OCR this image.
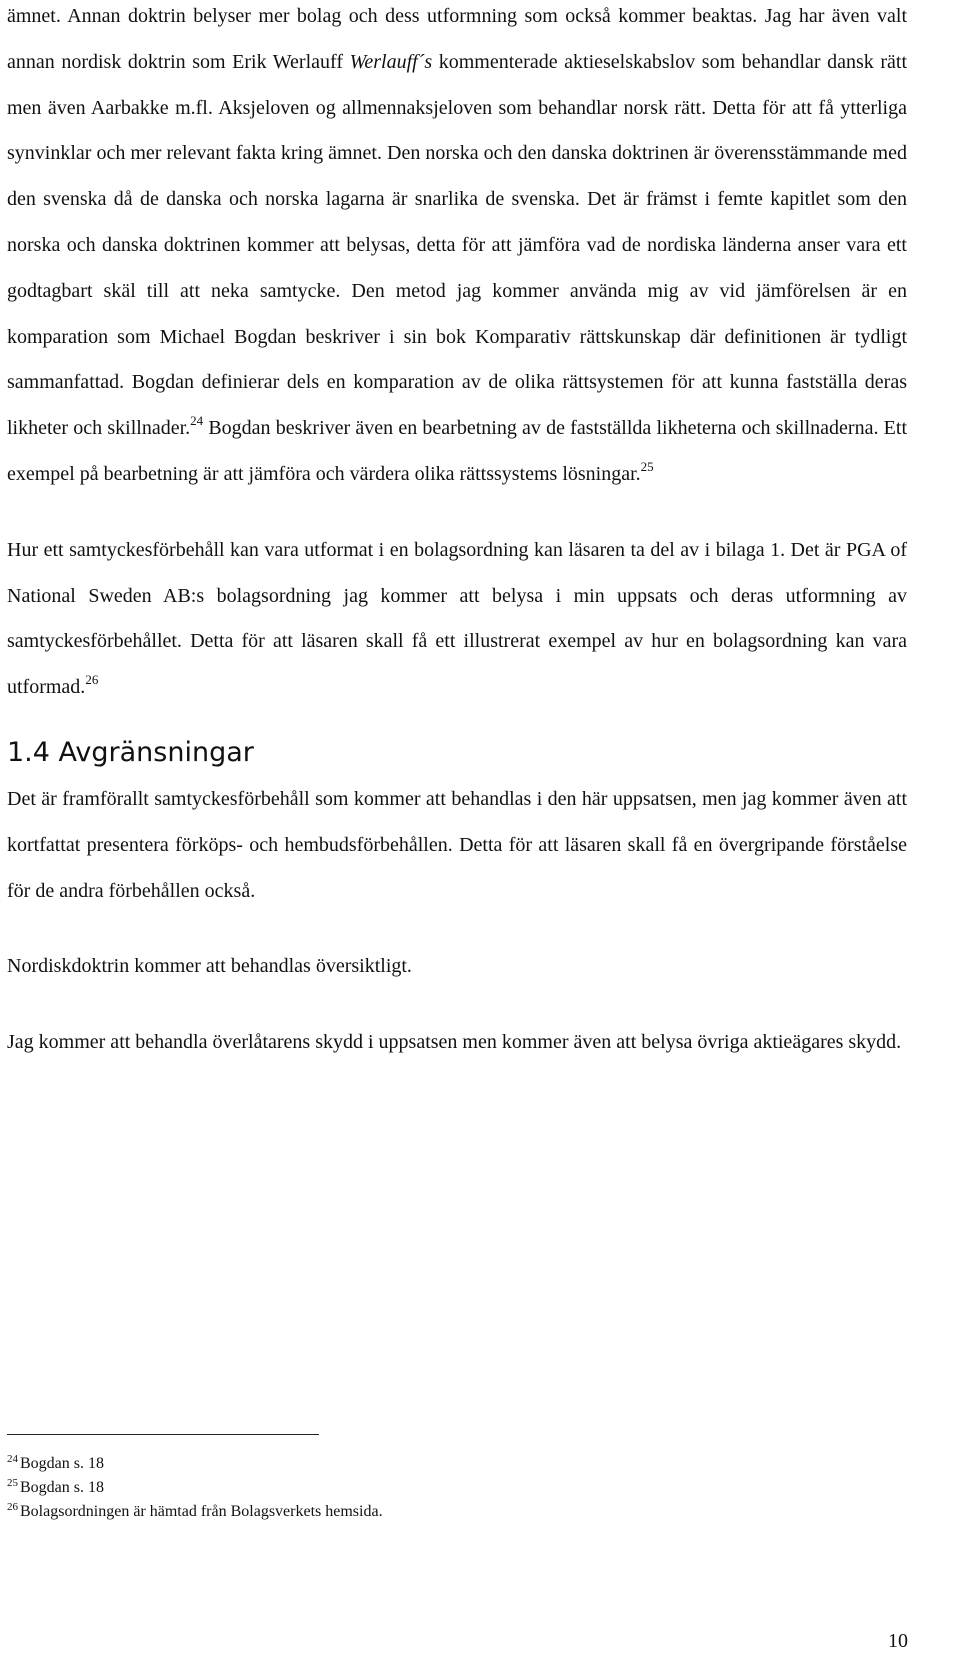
ämnet. Annan doktrin belyser mer bolag och dess utformning som också kommer beaktas. Jag har även valt annan nordisk doktrin som Erik Werlauff Werlauff´s kommenterade aktieselskabslov som behandlar dansk rätt men även Aarbakke m.fl. Aksjeloven og allmennaksjeloven som behandlar norsk rätt. Detta för att få ytterliga synvinklar och mer relevant fakta kring ämnet. Den norska och den danska doktrinen är överensstämmande med den svenska då de danska och norska lagarna är snarlika de svenska. Det är främst i femte kapitlet som den norska och danska doktrinen kommer att belysas, detta för att jämföra vad de nordiska länderna anser vara ett godtagbart skäl till att neka samtycke. Den metod jag kommer använda mig av vid jämförelsen är en komparation som Michael Bogdan beskriver i sin bok Komparativ rättskunskap där definitionen är tydligt sammanfattad. Bogdan definierar dels en komparation av de olika rättsystemen för att kunna fastställa deras likheter och skillnader.$^{24}$ Bogdan beskriver även en bearbetning av de fastställda likheterna och skillnaderna. Ett exempel på bearbetning är att jämföra och värdera olika rättssystems lösningar.$^{25}$

Hur ett samtyckesförbehåll kan vara utformat i en bolagsordning kan läsaren ta del av i bilaga 1. Det är PGA of National Sweden AB:s bolagsordning jag kommer att belysa i min uppsats och deras utformning av samtyckesförbehållet. Detta för att läsaren skall få ett illustrerat exempel av hur en bolagsordning kan vara utformad.$^{26}$

1.4 Avgränsningar

Det är framförallt samtyckesförbehåll som kommer att behandlas i den här uppsatsen, men jag kommer även att kortfattat presentera förköps- och hembudsförbehållen. Detta för att läsaren skall få en övergripande förståelse för de andra förbehållen också.

Nordiskdoktrin kommer att behandlas översiktligt.

Jag kommer att behandla överlåtarens skydd i uppsatsen men kommer även att belysa övriga aktieägares skydd.

$^{24}$ Bogdan s. 18
$^{25}$ Bogdan s. 18
$^{26}$ Bolagsordningen är hämtad från Bolagsverkets hemsida.
10
